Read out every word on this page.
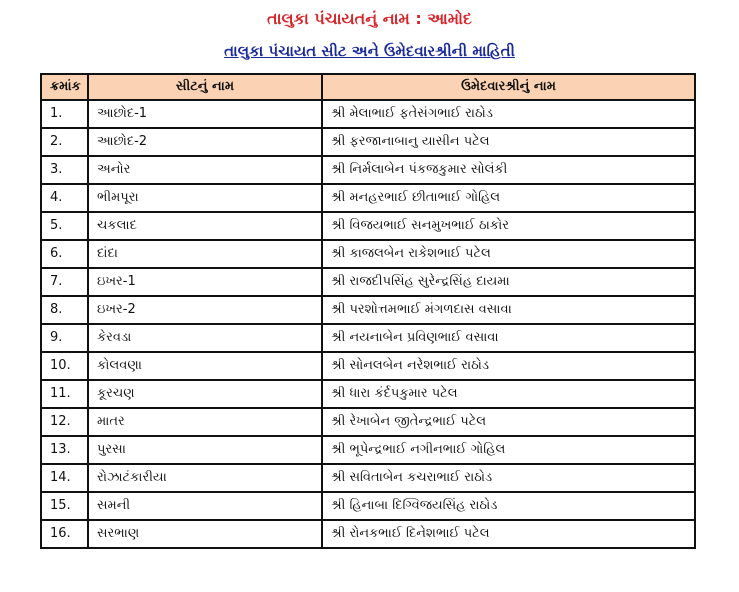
તાલુકા પંચાયતનું નામ : આમોદ
તાલુકા પંચાયત સીટ અને ઉમેદવારશ્રીની માહિતી
ક્રમાંક	સીટનું નામ	ઉમેદવારશ્રીનું નામ
1.	આછોદ-1	શ્રી મેલાભાઈ ફતેસંગભાઈ રાઠોડ
2.	આછોદ-2	શ્રી ફરજાનાબાનુ યાસીન પટેલ
3.	અનોર	શ્રી નિર્મલાબેન પંકજકુમાર સોલંકી
4.	ભીમપૂરા	શ્રી મનહરભાઈ છીતાભાઈ ગોહિલ
5.	ચકલાદ	શ્રી વિજયભાઈ સનમુખભાઈ ઠાકોર
6.	દાંદા	શ્રી કાજલબેન રાકેશભાઈ પટેલ
7.	ઇખર-1	શ્રી રાજદીપસિંહ સુરેન્દ્રસિંહ દાયમા
8.	ઇખર-2	શ્રી પરશોત્તમભાઈ મંગળદાસ વસાવા
9.	કેરવડા	શ્રી નયનાબેન પ્રવિણભાઈ વસાવા
10.	કોલવણા	શ્રી સોનલબેન નરેશભાઈ રાઠોડ
11.	કૂરચણ	શ્રી ધારા કંર્દપકુમાર પટેલ
12.	માતર	શ્રી રેખાબેન જીતેન્દ્રભાઈ પટેલ
13.	પુરસા	શ્રી ભૂપેન્દ્રભાઈ નગીનભાઈ ગોહિલ
14.	રોઝાટંકારીયા	શ્રી સવિતાબેન કચરાભાઈ રાઠોડ
15.	સમની	શ્રી હિનાબા દિગ્વિજયસિંહ રાઠોડ
16.	સરભાણ	શ્રી રોનકભાઈ દિનેશભાઈ પટેલ
